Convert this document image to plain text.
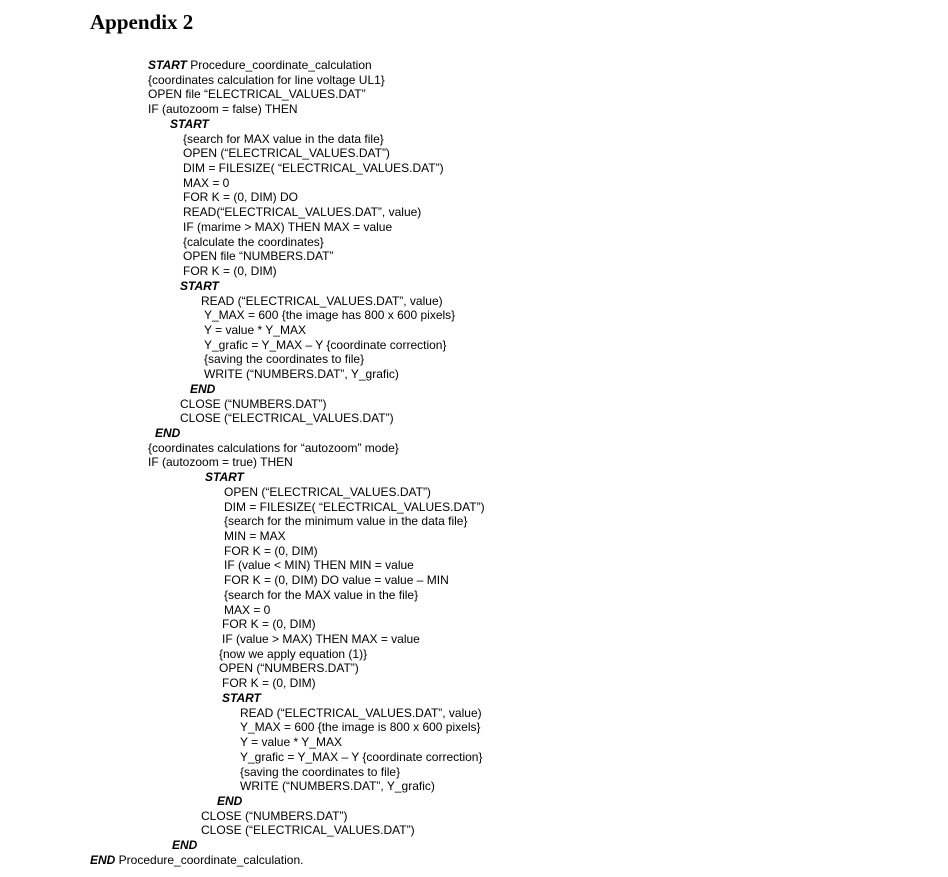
Appendix 2
START Procedure_coordinate_calculation
{coordinates calculation for line voltage UL1}
OPEN file “ELECTRICAL_VALUES.DAT”
IF (autozoom = false) THEN
START
{search for MAX value in the data file}
OPEN (“ELECTRICAL_VALUES.DAT”)
DIM = FILESIZE( “ELECTRICAL_VALUES.DAT”)
MAX = 0
FOR K = (0, DIM) DO
READ(“ELECTRICAL_VALUES.DAT”, value)
IF (marime > MAX) THEN MAX = value
{calculate the coordinates}
OPEN file “NUMBERS.DAT”
FOR K = (0, DIM)
START
READ (“ELECTRICAL_VALUES.DAT”, value)
Y_MAX = 600 {the image has 800 x 600 pixels}
Y = value * Y_MAX
Y_grafic = Y_MAX – Y {coordinate correction}
{saving the coordinates to file}
WRITE (“NUMBERS.DAT”, Y_grafic)
END
CLOSE (“NUMBERS.DAT”)
CLOSE (“ELECTRICAL_VALUES.DAT”)
END
{coordinates calculations for “autozoom” mode}
IF (autozoom = true) THEN
START
OPEN (“ELECTRICAL_VALUES.DAT”)
DIM = FILESIZE( “ELECTRICAL_VALUES.DAT”)
{search for the minimum value in the data file}
MIN = MAX
FOR K = (0, DIM)
IF (value < MIN) THEN MIN = value
FOR K = (0, DIM) DO value = value – MIN
{search for the MAX value in the file}
MAX = 0
FOR K = (0, DIM)
IF (value > MAX) THEN MAX = value
{now we apply equation (1)}
OPEN (“NUMBERS.DAT”)
FOR K = (0, DIM)
START
READ (“ELECTRICAL_VALUES.DAT”, value)
Y_MAX = 600 {the image is 800 x 600 pixels}
Y = value * Y_MAX
Y_grafic = Y_MAX – Y {coordinate correction}
{saving the coordinates to file}
WRITE (“NUMBERS.DAT”, Y_grafic)
END
CLOSE (“NUMBERS.DAT”)
CLOSE (“ELECTRICAL_VALUES.DAT”)
END
END Procedure_coordinate_calculation.
